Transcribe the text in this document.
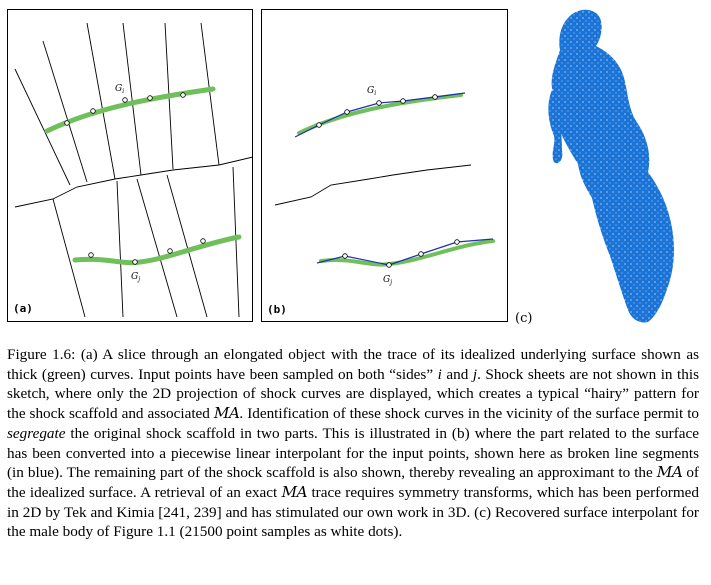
$G_i$
$G_j$
(a)
$G_i$
$G_j$
(b)
(c)

Figure 1.6: (a) A slice through an elongated object with the trace of its idealized underlying surface shown as thick (green) curves. Input points have been sampled on both “sides” i and j. Shock sheets are not shown in this sketch, where only the 2D projection of shock curves are displayed, which creates a typical “hairy” pattern for the shock scaffold and associated MA. Identification of these shock curves in the vicinity of the surface permit to segregate the original shock scaffold in two parts. This is illustrated in (b) where the part related to the surface has been converted into a piecewise linear interpolant for the input points, shown here as broken line segments (in blue). The remaining part of the shock scaffold is also shown, thereby revealing an approximant to the MA of the idealized surface. A retrieval of an exact MA trace requires symmetry transforms, which has been performed in 2D by Tek and Kimia [241, 239] and has stimulated our own work in 3D. (c) Recovered surface interpolant for the male body of Figure 1.1 (21500 point samples as white dots).
